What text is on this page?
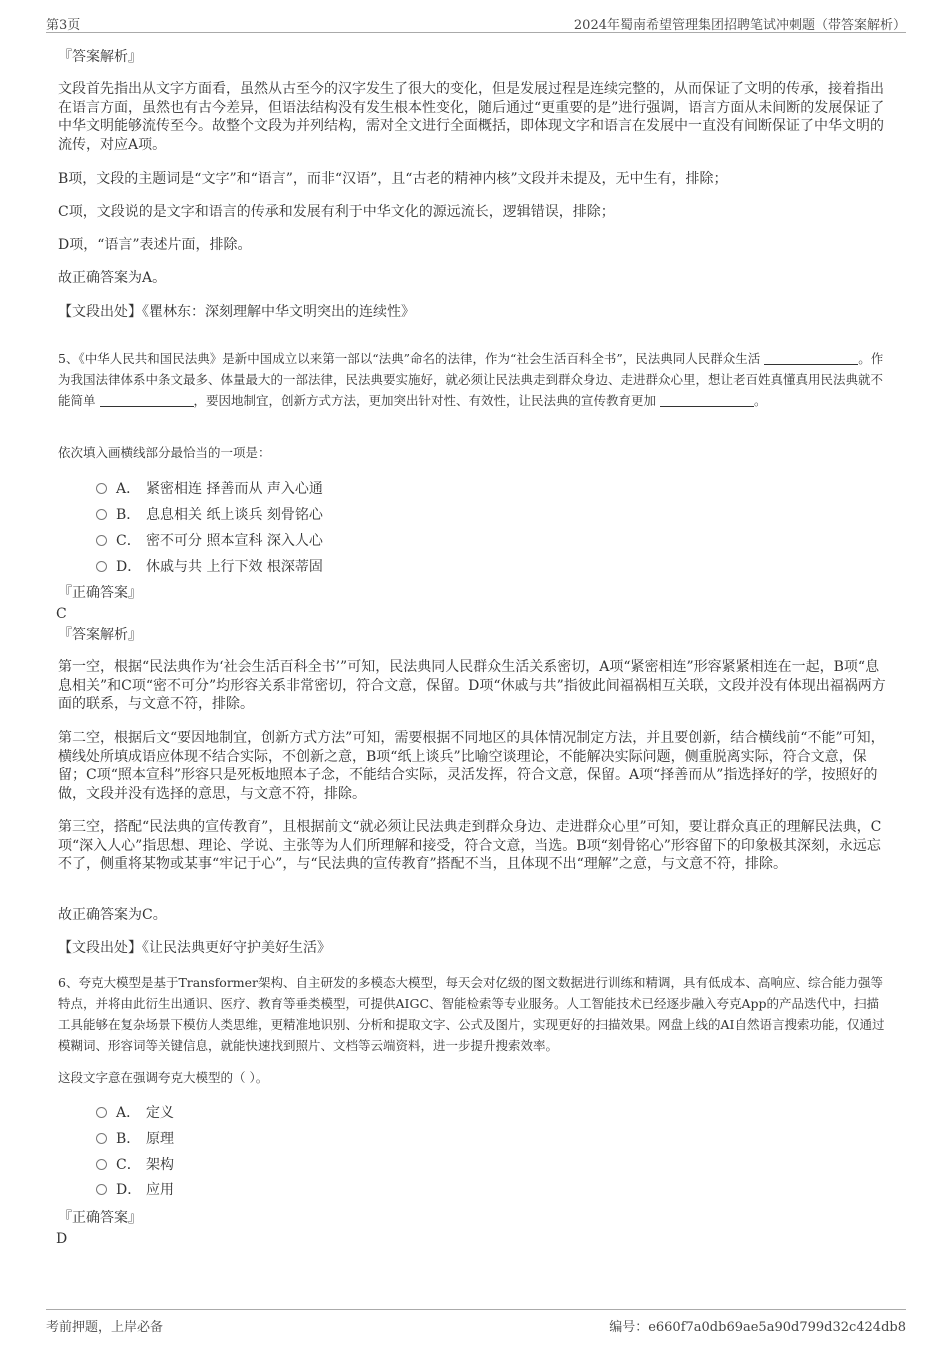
第3页	2024年蜀南希望管理集团招聘笔试冲刺题（带答案解析）

『答案解析』

文段首先指出从文字方面看，虽然从古至今的汉字发生了很大的变化，但是发展过程是连续完整的，从而保证了文明的传承，接着指出在语言方面，虽然也有古今差异，但语法结构没有发生根本性变化，随后通过“更重要的是”进行强调，语言方面从未间断的发展保证了中华文明能够流传至今。故整个文段为并列结构，需对全文进行全面概括，即体现文字和语言在发展中一直没有间断保证了中华文明的流传，对应A项。

B项，文段的主题词是“文字”和“语言”，而非“汉语”，且“古老的精神内核”文段并未提及，无中生有，排除；

C项，文段说的是文字和语言的传承和发展有利于中华文化的源远流长，逻辑错误，排除；

D项，“语言”表述片面，排除。

故正确答案为A。

【文段出处】《瞿林东：深刻理解中华文明突出的连续性》

5、《中华人民共和国民法典》是新中国成立以来第一部以“法典”命名的法律，作为“社会生活百科全书”，民法典同人民群众生活	。作为我国法律体系中条文最多、体量最大的一部法律，民法典要实施好，就必须让民法典走到群众身边、走进群众心里，想让老百姓真懂真用民法典就不能简单	，要因地制宜，创新方式方法，更加突出针对性、有效性，让民法典的宣传教育更加	。

依次填入画横线部分最恰当的一项是：

A． 紧密相连 择善而从 声入心通
B． 息息相关 纸上谈兵 刻骨铭心
C． 密不可分 照本宣科 深入人心
D． 休戚与共 上行下效 根深蒂固

『正确答案』

C

『答案解析』

第一空，根据“民法典作为‘社会生活百科全书’”可知，民法典同人民群众生活关系密切，A项“紧密相连”形容紧紧相连在一起，B项“息息相关”和C项“密不可分”均形容关系非常密切，符合文意，保留。D项“休戚与共”指彼此间福祸相互关联，文段并没有体现出福祸两方面的联系，与文意不符，排除。

第二空，根据后文“要因地制宜，创新方式方法”可知，需要根据不同地区的具体情况制定方法，并且要创新，结合横线前“不能”可知，横线处所填成语应体现不结合实际，不创新之意，B项“纸上谈兵”比喻空谈理论，不能解决实际问题，侧重脱离实际，符合文意，保留；C项“照本宣科”形容只是死板地照本子念，不能结合实际，灵活发挥，符合文意，保留。A项“择善而从”指选择好的学，按照好的做，文段并没有选择的意思，与文意不符，排除。

第三空，搭配“民法典的宣传教育”，且根据前文“就必须让民法典走到群众身边、走进群众心里”可知，要让群众真正的理解民法典，C项“深入人心”指思想、理论、学说、主张等为人们所理解和接受，符合文意，当选。B项“刻骨铭心”形容留下的印象极其深刻，永远忘不了，侧重将某物或某事“牢记于心”，与“民法典的宣传教育”搭配不当，且体现不出“理解”之意，与文意不符，排除。

故正确答案为C。

【文段出处】《让民法典更好守护美好生活》

6、夸克大模型是基于Transformer架构、自主研发的多模态大模型，每天会对亿级的图文数据进行训练和精调，具有低成本、高响应、综合能力强等特点，并将由此衍生出通识、医疗、教育等垂类模型，可提供AIGC、智能检索等专业服务。人工智能技术已经逐步融入夸克App的产品迭代中，扫描工具能够在复杂场景下模仿人类思维，更精准地识别、分析和提取文字、公式及图片，实现更好的扫描效果。网盘上线的AI自然语言搜索功能，仅通过模糊词、形容词等关键信息，就能快速找到照片、文档等云端资料，进一步提升搜索效率。

这段文字意在强调夸克大模型的（ ）。

A． 定义
B． 原理
C． 架构
D． 应用

『正确答案』

D

考前押题，上岸必备	编号：e660f7a0db69ae5a90d799d32c424db8
